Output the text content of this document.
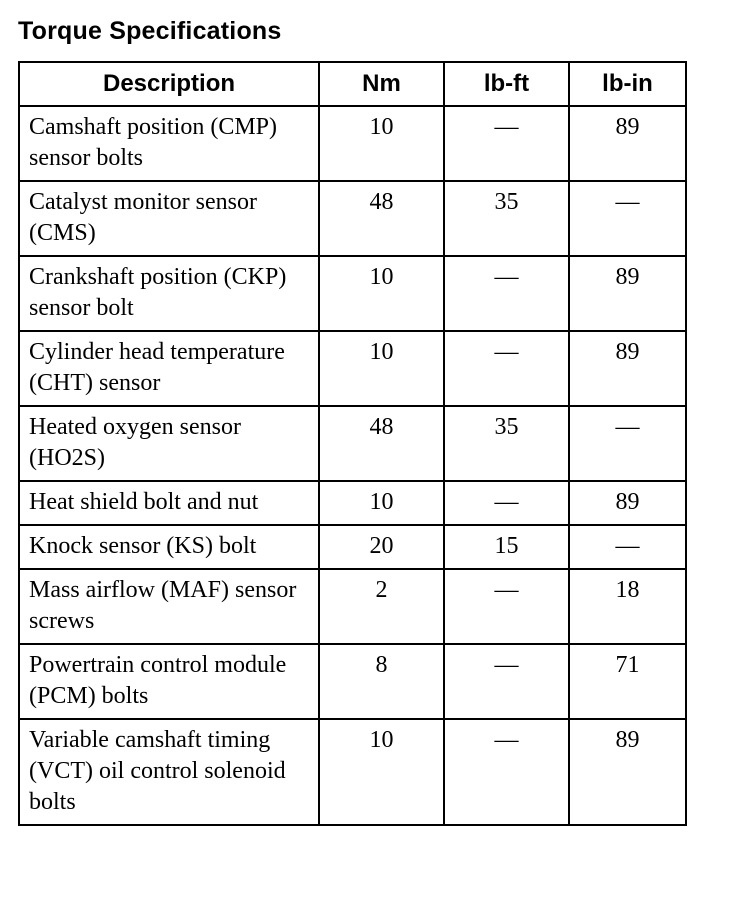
Torque Specifications
Description	Nm	lb-ft	lb-in
Camshaft position (CMP) sensor bolts	10	—	89
Catalyst monitor sensor (CMS)	48	35	—
Crankshaft position (CKP) sensor bolt	10	—	89
Cylinder head temperature (CHT) sensor	10	—	89
Heated oxygen sensor (HO2S)	48	35	—
Heat shield bolt and nut	10	—	89
Knock sensor (KS) bolt	20	15	—
Mass airflow (MAF) sensor screws	2	—	18
Powertrain control module (PCM) bolts	8	—	71
Variable camshaft timing (VCT) oil control solenoid bolts	10	—	89
